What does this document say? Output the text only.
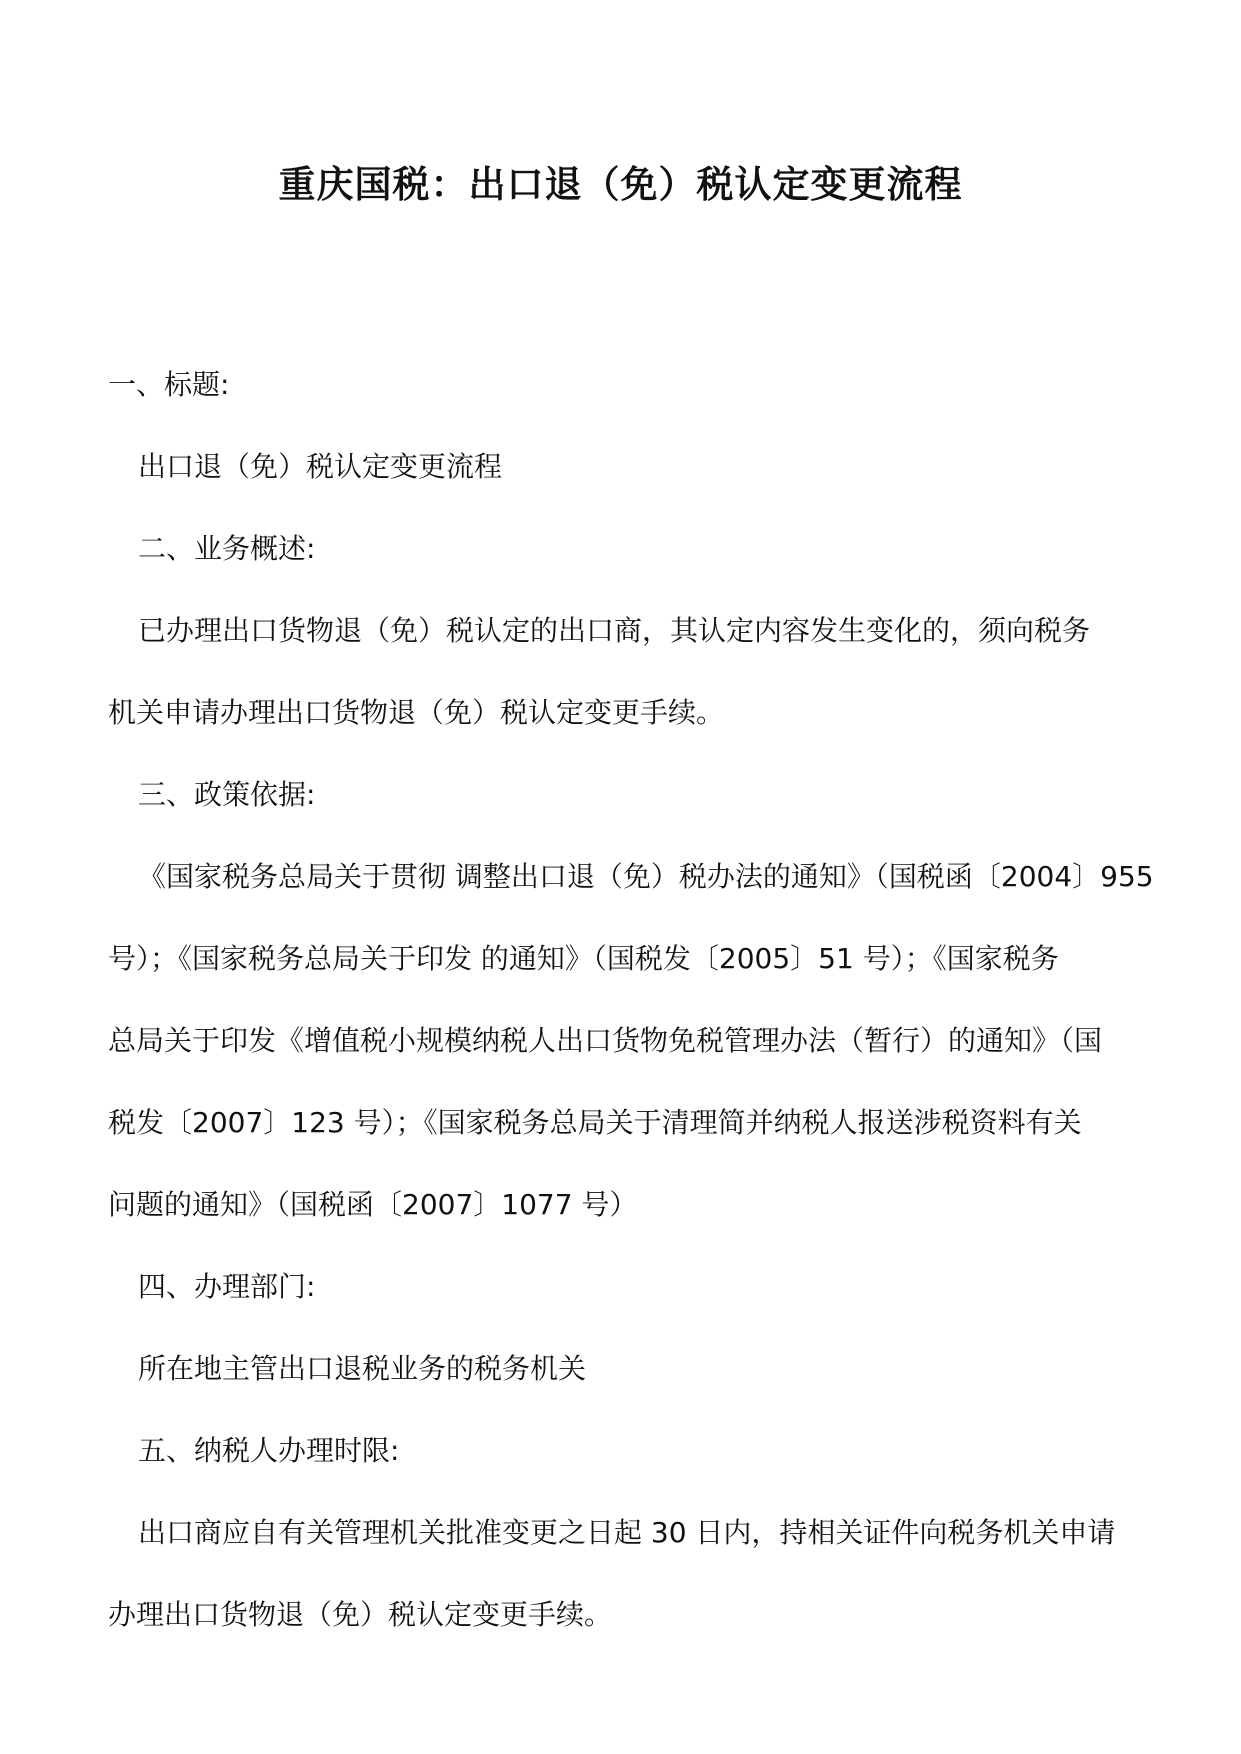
重庆国税：出口退（免）税认定变更流程
一、标题:
出口退（免）税认定变更流程
二、业务概述:
已办理出口货物退（免）税认定的出口商，其认定内容发生变化的，须向税务
机关申请办理出口货物退（免）税认定变更手续。
三、政策依据:
《国家税务总局关于贯彻 调整出口退（免）税办法的通知》（国税函〔2004〕955
号）；《国家税务总局关于印发 的通知》（国税发〔2005〕51 号）；《国家税务
总局关于印发《增值税小规模纳税人出口货物免税管理办法（暂行）的通知》（国
税发〔2007〕123 号）；《国家税务总局关于清理简并纳税人报送涉税资料有关
问题的通知》（国税函〔2007〕1077 号）
四、办理部门:
所在地主管出口退税业务的税务机关
五、纳税人办理时限:
出口商应自有关管理机关批准变更之日起 30 日内，持相关证件向税务机关申请
办理出口货物退（免）税认定变更手续。
